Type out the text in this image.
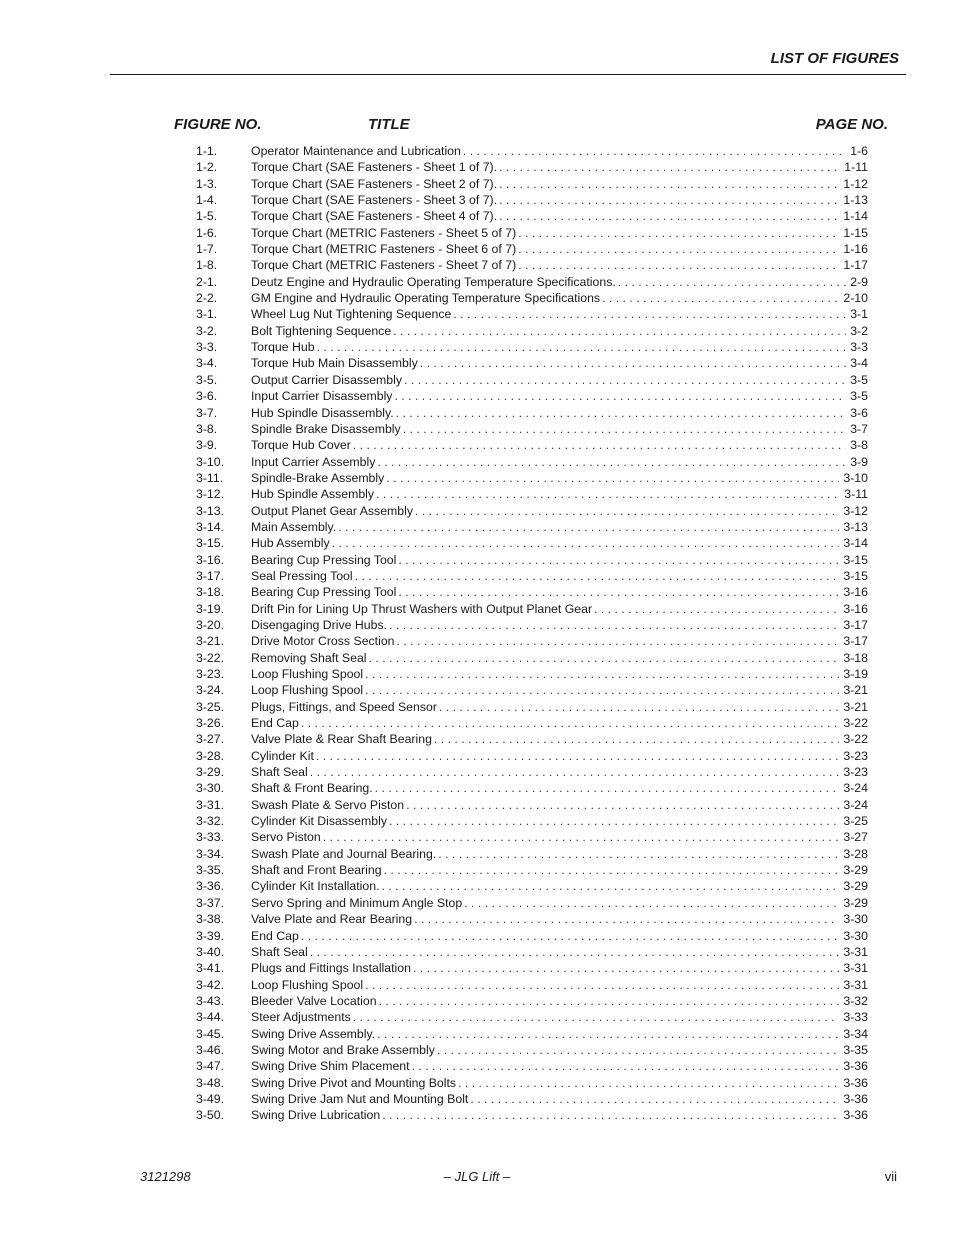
LIST OF FIGURES
FIGURE NO.	TITLE	PAGE NO.
1-1.	Operator Maintenance and Lubrication . . .	1-6
1-2.	Torque Chart (SAE Fasteners - Sheet 1 of 7). . . .	1-11
1-3.	Torque Chart (SAE Fasteners - Sheet 2 of 7). . . .	1-12
1-4.	Torque Chart (SAE Fasteners - Sheet 3 of 7). . . .	1-13
1-5.	Torque Chart (SAE Fasteners - Sheet 4 of 7). . . .	1-14
1-6.	Torque Chart (METRIC Fasteners - Sheet 5 of 7) . . .	1-15
1-7.	Torque Chart (METRIC Fasteners - Sheet 6 of 7) . . .	1-16
1-8.	Torque Chart (METRIC Fasteners - Sheet 7 of 7) . . .	1-17
2-1.	Deutz Engine and Hydraulic Operating Temperature Specifications. . . .	2-9
2-2.	GM Engine and Hydraulic Operating Temperature Specifications . . .	2-10
3-1.	Wheel Lug Nut Tightening Sequence . . .	3-1
3-2.	Bolt Tightening Sequence . . .	3-2
3-3.	Torque Hub . . .	3-3
3-4.	Torque Hub Main Disassembly . . .	3-4
3-5.	Output Carrier Disassembly . . .	3-5
3-6.	Input Carrier Disassembly . . .	3-5
3-7.	Hub Spindle Disassembly. . . .	3-6
3-8.	Spindle Brake Disassembly . . .	3-7
3-9.	Torque Hub Cover . . .	3-8
3-10. Input Carrier Assembly . . .	3-9
3-11. Spindle-Brake Assembly . . .	3-10
3-12. Hub Spindle Assembly . . .	3-11
3-13. Output Planet Gear Assembly . . .	3-12
3-14. Main Assembly. . . .	3-13
3-15. Hub Assembly . . .	3-14
3-16. Bearing Cup Pressing Tool . . .	3-15
3-17. Seal Pressing Tool . . .	3-15
3-18. Bearing Cup Pressing Tool . . .	3-16
3-19. Drift Pin for Lining Up Thrust Washers with Output Planet Gear . . .	3-16
3-20. Disengaging Drive Hubs. . . .	3-17
3-21. Drive Motor Cross Section . . .	3-17
3-22. Removing Shaft Seal . . .	3-18
3-23. Loop Flushing Spool . . .	3-19
3-24. Loop Flushing Spool . . .	3-21
3-25. Plugs, Fittings, and Speed Sensor . . .	3-21
3-26. End Cap . . .	3-22
3-27. Valve Plate & Rear Shaft Bearing . . .	3-22
3-28. Cylinder Kit . . .	3-23
3-29. Shaft Seal . . .	3-23
3-30. Shaft & Front Bearing. . . .	3-24
3-31. Swash Plate & Servo Piston . . .	3-24
3-32. Cylinder Kit Disassembly . . .	3-25
3-33. Servo Piston . . .	3-27
3-34. Swash Plate and Journal Bearing. . . .	3-28
3-35. Shaft and Front Bearing . . .	3-29
3-36. Cylinder Kit Installation. . . .	3-29
3-37. Servo Spring and Minimum Angle Stop . . .	3-29
3-38. Valve Plate and Rear Bearing . . .	3-30
3-39. End Cap . . .	3-30
3-40. Shaft Seal . . .	3-31
3-41. Plugs and Fittings Installation . . .	3-31
3-42. Loop Flushing Spool . . .	3-31
3-43. Bleeder Valve Location . . .	3-32
3-44. Steer Adjustments . . .	3-33
3-45. Swing Drive Assembly. . . .	3-34
3-46. Swing Motor and Brake Assembly . . .	3-35
3-47. Swing Drive Shim Placement . . .	3-36
3-48. Swing Drive Pivot and Mounting Bolts . . .	3-36
3-49. Swing Drive Jam Nut and Mounting Bolt . . .	3-36
3-50. Swing Drive Lubrication . . .	3-36
3121298	– JLG Lift –	vii
